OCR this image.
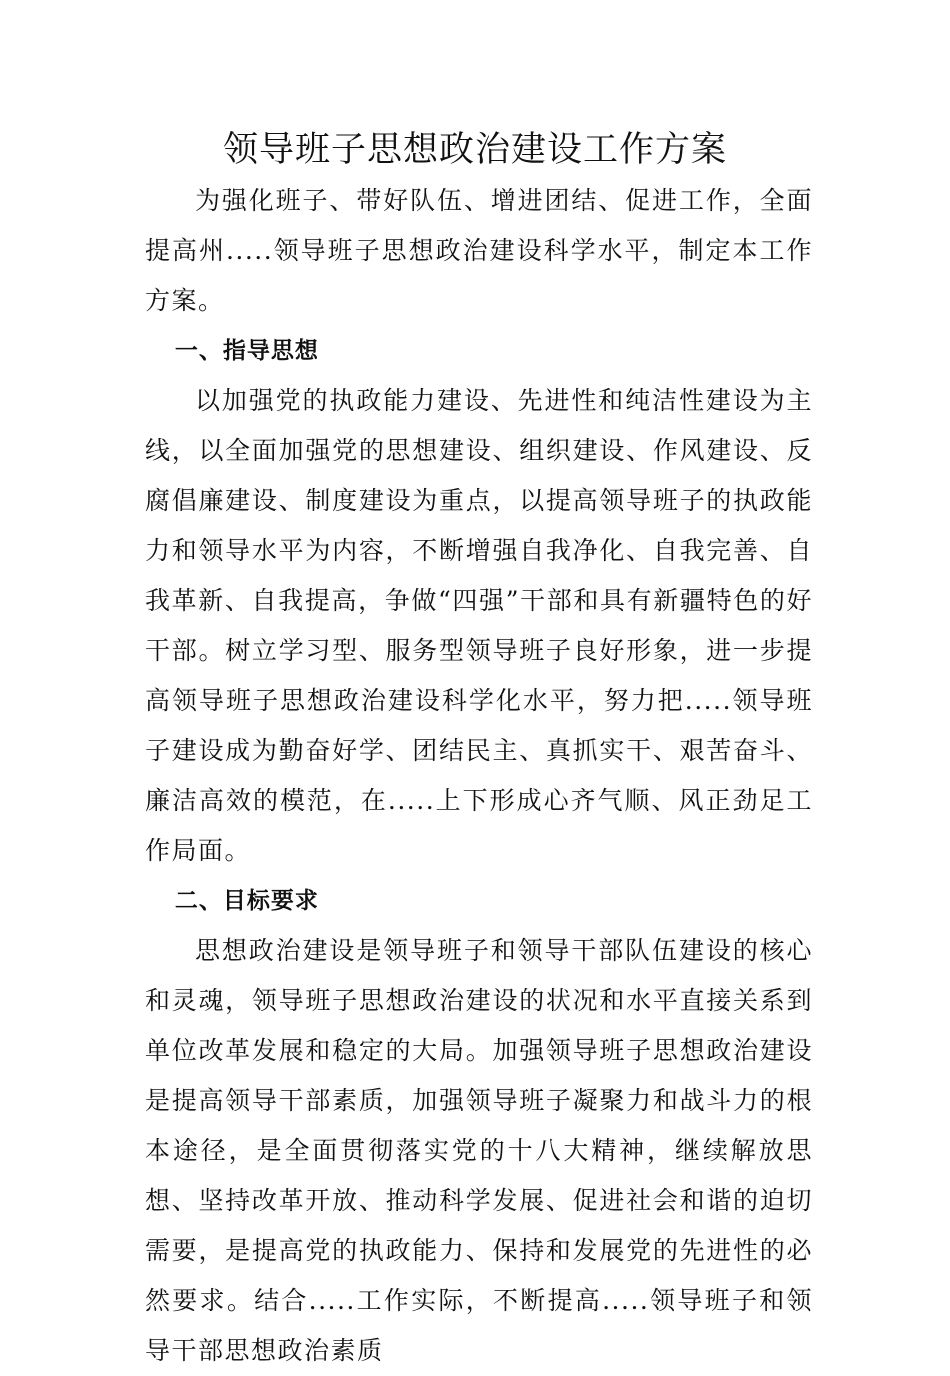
领导班子思想政治建设工作方案

为强化班子、带好队伍、增进团结、促进工作，全面提高州.....领导班子思想政治建设科学水平，制定本工作方案。

一、指导思想

以加强党的执政能力建设、先进性和纯洁性建设为主线，以全面加强党的思想建设、组织建设、作风建设、反腐倡廉建设、制度建设为重点，以提高领导班子的执政能力和领导水平为内容，不断增强自我净化、自我完善、自我革新、自我提高，争做“四强”干部和具有新疆特色的好干部。树立学习型、服务型领导班子良好形象，进一步提高领导班子思想政治建设科学化水平，努力把.....领导班子建设成为勤奋好学、团结民主、真抓实干、艰苦奋斗、廉洁高效的模范，在.....上下形成心齐气顺、风正劲足工作局面。

二、目标要求

思想政治建设是领导班子和领导干部队伍建设的核心和灵魂，领导班子思想政治建设的状况和水平直接关系到单位改革发展和稳定的大局。加强领导班子思想政治建设是提高领导干部素质，加强领导班子凝聚力和战斗力的根本途径，是全面贯彻落实党的十八大精神，继续解放思想、坚持改革开放、推动科学发展、促进社会和谐的迫切需要，是提高党的执政能力、保持和发展党的先进性的必然要求。结合.....工作实际，不断提高.....领导班子和领导干部思想政治素质
